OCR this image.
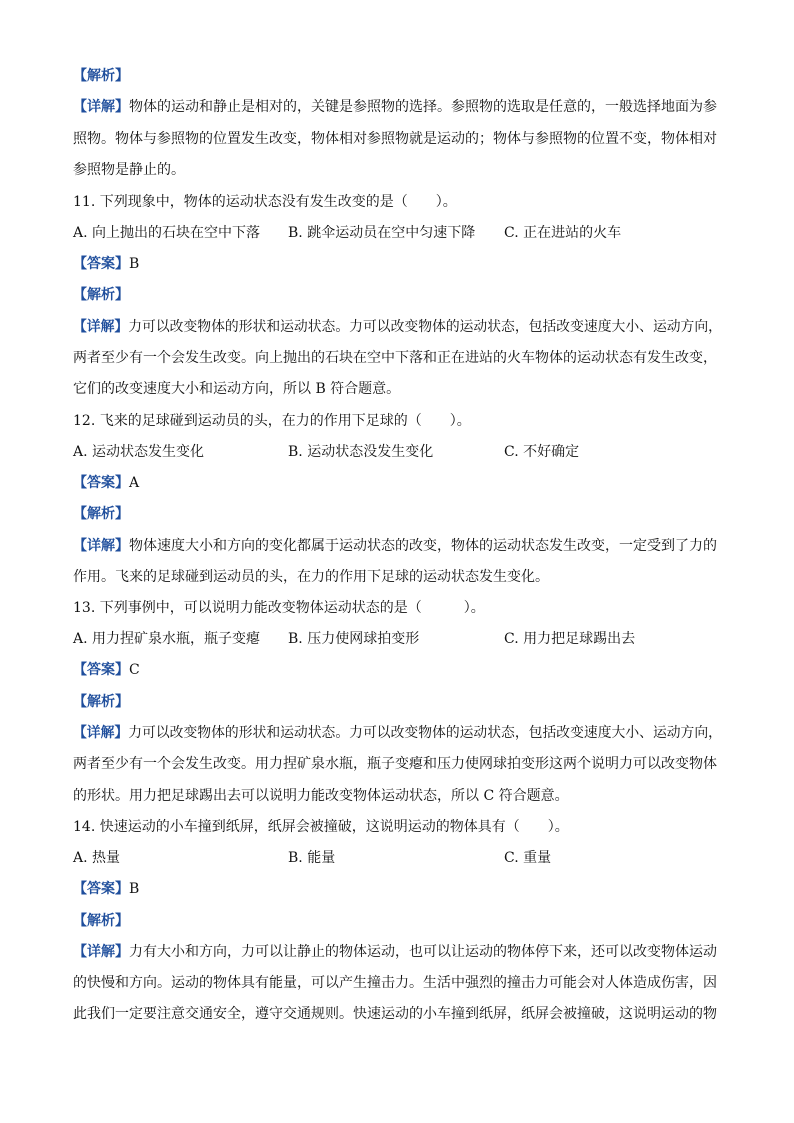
【解析】
【详解】物体的运动和静止是相对的，关键是参照物的选择。参照物的选取是任意的，一般选择地面为参
照物。物体与参照物的位置发生改变，物体相对参照物就是运动的；物体与参照物的位置不变，物体相对
参照物是静止的。
11. 下列现象中，物体的运动状态没有发生改变的是（　　）。
A. 向上抛出的石块在空中下落 B. 跳伞运动员在空中匀速下降 C. 正在进站的火车
【答案】B
【解析】
【详解】力可以改变物体的形状和运动状态。力可以改变物体的运动状态，包括改变速度大小、运动方向，
两者至少有一个会发生改变。向上抛出的石块在空中下落和正在进站的火车物体的运动状态有发生改变，
它们的改变速度大小和运动方向，所以 B 符合题意。
12. 飞来的足球碰到运动员的头，在力的作用下足球的（　　）。
A. 运动状态发生变化	B. 运动状态没发生变化	C. 不好确定
【答案】A
【解析】
【详解】物体速度大小和方向的变化都属于运动状态的改变，物体的运动状态发生改变，一定受到了力的
作用。飞来的足球碰到运动员的头，在力的作用下足球的运动状态发生变化。
13. 下列事例中，可以说明力能改变物体运动状态的是（　　　）。
A. 用力捏矿泉水瓶，瓶子变瘪 B. 压力使网球拍变形	C. 用力把足球踢出去
【答案】C
【解析】
【详解】力可以改变物体的形状和运动状态。力可以改变物体的运动状态，包括改变速度大小、运动方向，
两者至少有一个会发生改变。用力捏矿泉水瓶，瓶子变瘪和压力使网球拍变形这两个说明力可以改变物体
的形状。用力把足球踢出去可以说明力能改变物体运动状态，所以 C 符合题意。
14. 快速运动的小车撞到纸屏，纸屏会被撞破，这说明运动的物体具有（　　）。
A. 热量	B. 能量	C. 重量
【答案】B
【解析】
【详解】力有大小和方向，力可以让静止的物体运动，也可以让运动的物体停下来，还可以改变物体运动
的快慢和方向。运动的物体具有能量，可以产生撞击力。生活中强烈的撞击力可能会对人体造成伤害，因
此我们一定要注意交通安全，遵守交通规则。快速运动的小车撞到纸屏，纸屏会被撞破，这说明运动的物
